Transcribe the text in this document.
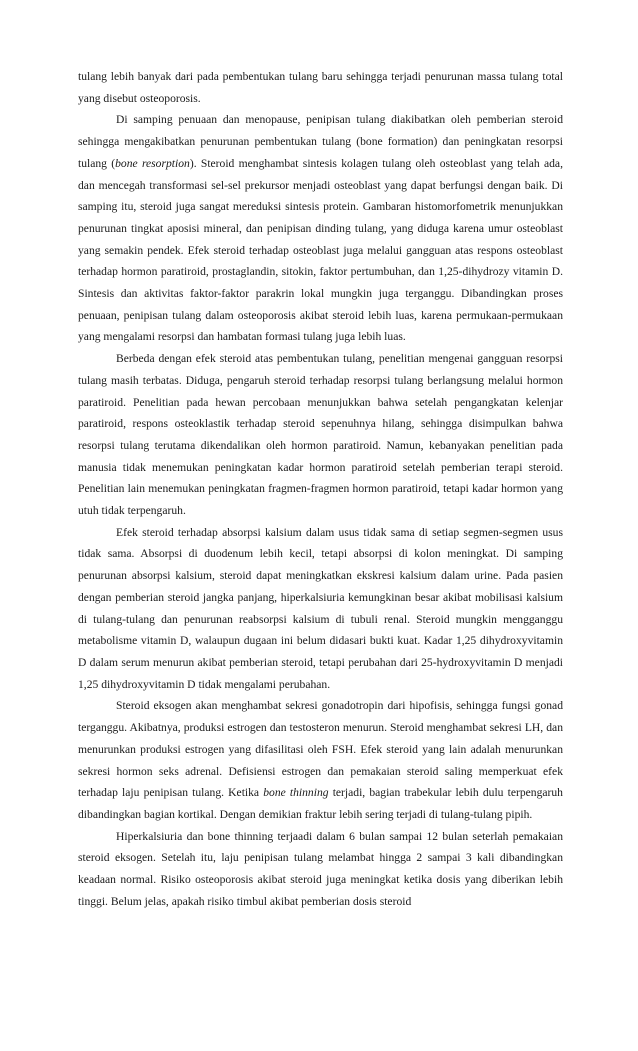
tulang lebih banyak dari pada pembentukan tulang baru sehingga terjadi penurunan massa tulang total yang disebut osteoporosis.

Di samping penuaan dan menopause, penipisan tulang diakibatkan oleh pemberian steroid sehingga mengakibatkan penurunan pembentukan tulang (bone formation) dan peningkatan resorpsi tulang (bone resorption). Steroid menghambat sintesis kolagen tulang oleh osteoblast yang telah ada, dan mencegah transformasi sel-sel prekursor menjadi osteoblast yang dapat berfungsi dengan baik. Di samping itu, steroid juga sangat mereduksi sintesis protein. Gambaran histomorfometrik menunjukkan penurunan tingkat aposisi mineral, dan penipisan dinding tulang, yang diduga karena umur osteoblast yang semakin pendek. Efek steroid terhadap osteoblast juga melalui gangguan atas respons osteoblast terhadap hormon paratiroid, prostaglandin, sitokin, faktor pertumbuhan, dan 1,25-dihydrozy vitamin D. Sintesis dan aktivitas faktor-faktor parakrin lokal mungkin juga terganggu. Dibandingkan proses penuaan, penipisan tulang dalam osteoporosis akibat steroid lebih luas, karena permukaan-permukaan yang mengalami resorpsi dan hambatan formasi tulang juga lebih luas.

Berbeda dengan efek steroid atas pembentukan tulang, penelitian mengenai gangguan resorpsi tulang masih terbatas. Diduga, pengaruh steroid terhadap resorpsi tulang berlangsung melalui hormon paratiroid. Penelitian pada hewan percobaan menunjukkan bahwa setelah pengangkatan kelenjar paratiroid, respons osteoklastik terhadap steroid sepenuhnya hilang, sehingga disimpulkan bahwa resorpsi tulang terutama dikendalikan oleh hormon paratiroid. Namun, kebanyakan penelitian pada manusia tidak menemukan peningkatan kadar hormon paratiroid setelah pemberian terapi steroid. Penelitian lain menemukan peningkatan fragmen-fragmen hormon paratiroid, tetapi kadar hormon yang utuh tidak terpengaruh.

Efek steroid terhadap absorpsi kalsium dalam usus tidak sama di setiap segmen-segmen usus tidak sama. Absorpsi di duodenum lebih kecil, tetapi absorpsi di kolon meningkat. Di samping penurunan absorpsi kalsium, steroid dapat meningkatkan ekskresi kalsium dalam urine. Pada pasien dengan pemberian steroid jangka panjang, hiperkalsiuria kemungkinan besar akibat mobilisasi kalsium di tulang-tulang dan penurunan reabsorpsi kalsium di tubuli renal. Steroid mungkin mengganggu metabolisme vitamin D, walaupun dugaan ini belum didasari bukti kuat. Kadar 1,25 dihydroxyvitamin D dalam serum menurun akibat pemberian steroid, tetapi perubahan dari 25-hydroxyvitamin D menjadi 1,25 dihydroxyvitamin D tidak mengalami perubahan.

Steroid eksogen akan menghambat sekresi gonadotropin dari hipofisis, sehingga fungsi gonad terganggu. Akibatnya, produksi estrogen dan testosteron menurun. Steroid menghambat sekresi LH, dan menurunkan produksi estrogen yang difasilitasi oleh FSH. Efek steroid yang lain adalah menurunkan sekresi hormon seks adrenal. Defisiensi estrogen dan pemakaian steroid saling memperkuat efek terhadap laju penipisan tulang. Ketika bone thinning terjadi, bagian trabekular lebih dulu terpengaruh dibandingkan bagian kortikal. Dengan demikian fraktur lebih sering terjadi di tulang-tulang pipih.

Hiperkalsiuria dan bone thinning terjaadi dalam 6 bulan sampai 12 bulan seterlah pemakaian steroid eksogen. Setelah itu, laju penipisan tulang melambat hingga 2 sampai 3 kali dibandingkan keadaan normal. Risiko osteoporosis akibat steroid juga meningkat ketika dosis yang diberikan lebih tinggi. Belum jelas, apakah risiko timbul akibat pemberian dosis steroid
